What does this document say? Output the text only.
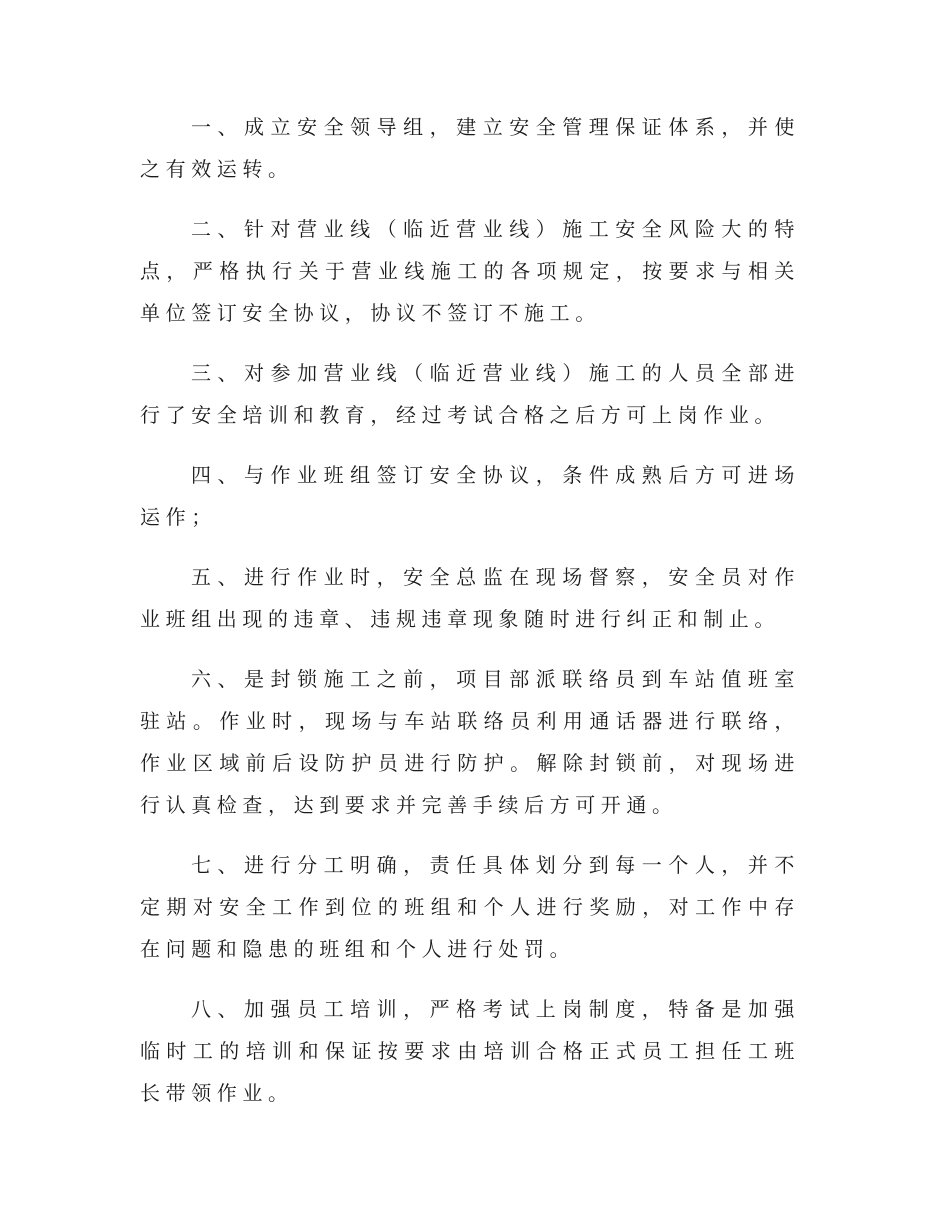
一、成立安全领导组，建立安全管理保证体系，并使之有效运转。

二、针对营业线（临近营业线）施工安全风险大的特点，严格执行关于营业线施工的各项规定，按要求与相关单位签订安全协议，协议不签订不施工。

三、对参加营业线（临近营业线）施工的人员全部进行了安全培训和教育，经过考试合格之后方可上岗作业。

四、与作业班组签订安全协议，条件成熟后方可进场运作；

五、进行作业时，安全总监在现场督察，安全员对作业班组出现的违章、违规违章现象随时进行纠正和制止。

六、是封锁施工之前，项目部派联络员到车站值班室驻站。作业时，现场与车站联络员利用通话器进行联络，作业区域前后设防护员进行防护。解除封锁前，对现场进行认真检查，达到要求并完善手续后方可开通。

七、进行分工明确，责任具体划分到每一个人，并不定期对安全工作到位的班组和个人进行奖励，对工作中存在问题和隐患的班组和个人进行处罚。

八、加强员工培训，严格考试上岗制度，特备是加强临时工的培训和保证按要求由培训合格正式员工担任工班长带领作业。
